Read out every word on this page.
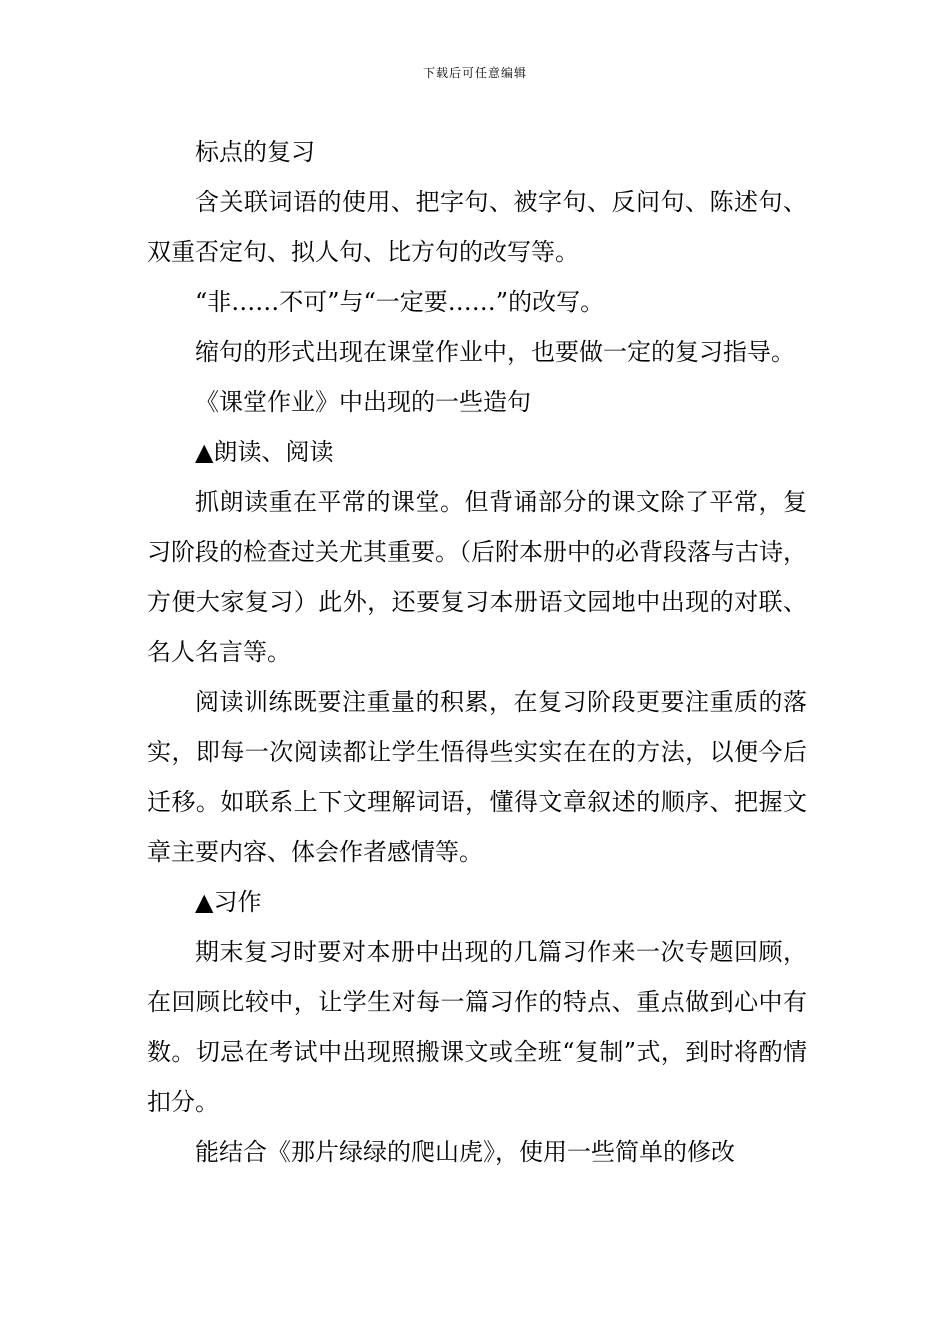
下载后可任意编辑

标点的复习

含关联词语的使用、把字句、被字句、反问句、陈述句、双重否定句、拟人句、比方句的改写等。

“非……不可”与“一定要……”的改写。

缩句的形式出现在课堂作业中，也要做一定的复习指导。

《课堂作业》中出现的一些造句

▲朗读、阅读

抓朗读重在平常的课堂。但背诵部分的课文除了平常，复习阶段的检查过关尤其重要。（后附本册中的必背段落与古诗，方便大家复习）此外，还要复习本册语文园地中出现的对联、名人名言等。

阅读训练既要注重量的积累，在复习阶段更要注重质的落实，即每一次阅读都让学生悟得些实实在在的方法，以便今后迁移。如联系上下文理解词语，懂得文章叙述的顺序、把握文章主要内容、体会作者感情等。

▲习作

期末复习时要对本册中出现的几篇习作来一次专题回顾，在回顾比较中，让学生对每一篇习作的特点、重点做到心中有数。切忌在考试中出现照搬课文或全班“复制”式，到时将酌情扣分。

能结合《那片绿绿的爬山虎》，使用一些简单的修改
